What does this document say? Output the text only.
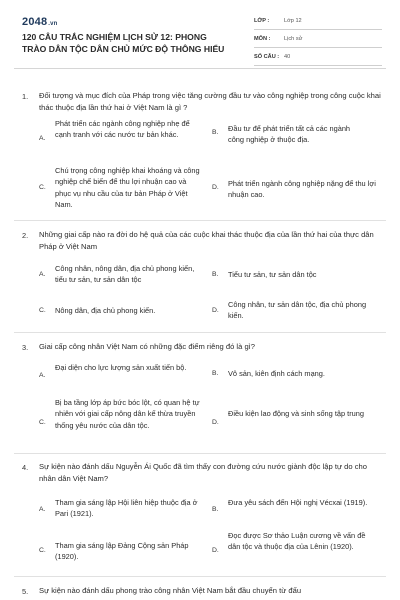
2048.vn
120 CÂU TRẮC NGHIỆM LỊCH SỬ 12: PHONG TRÀO DÂN TỘC DÂN CHỦ MỨC ĐỘ THÔNG HIỂU
LỚP :	Lớp 12
MÔN : Lịch sử
SỐ CÂU : 40
1. Đối tượng và mục đích của Pháp trong việc tăng cường đầu tư vào công nghiệp trong công cuộc khai thác thuộc địa lần thứ hai ở Việt Nam là gì ?
A.
Phát triển các ngành công nghiệp nhẹ để cạnh tranh với các nước tư bản khác.	B. Đầu tư để phát triển tất cả các ngành công nghiệp ở thuộc địa.
C.
Chú trọng công nghiệp khai khoáng và công nghiệp chế biến để thu lợi nhuận cao và phục vụ nhu cầu của tư bản Pháp ở Việt Nam.
D. Phát triển ngành công nghiệp nặng để thu lợi nhuận cao.
2. Những giai cấp nào ra đời do hệ quả của các cuộc khai thác thuộc địa của lần thứ hai của thực dân Pháp ở Việt Nam
A.
Công nhân, nông dân, địa chủ phong kiến, tiểu tư sản, tư sản dân tộc
B. Tiểu tư sản, tư sản dân tộc
C. Nông dân, địa chủ phong kiến.	D.
Công nhân, tư sản dân tộc, địa chủ phong kiến.
3. Giai cấp công nhân Việt Nam có những đặc điểm riêng đó là gì?
A.
Đại diện cho lực lượng sản xuất tiến bộ.
B. Vô sản, kiên định cách mạng.
C.
Bị ba tầng lớp áp bức bóc lột, có quan hệ tự nhiên với giai cấp nông dân kế thừa truyền thống yêu nước của dân tộc.	D.
Điều kiện lao động và sinh sống tập trung
4. Sự kiện nào đánh dấu Nguyễn Ái Quốc đã tìm thấy con đường cứu nước giành độc lập tự do cho nhân dân Việt Nam?
A.
Tham gia sáng lập Hội liên hiệp thuộc địa ở Pari (1921).	B.
Đưa yêu sách đến Hội nghị Vécxai (1919).
C.
Tham gia sáng lập Đảng Cộng sản Pháp (1920).
D.
Đọc được Sơ thảo Luận cương về vấn đề dân tộc và thuộc địa của Lênin (1920).
5. Sự kiện nào đánh dấu phong trào công nhân Việt Nam bắt đầu chuyển từ đấu
